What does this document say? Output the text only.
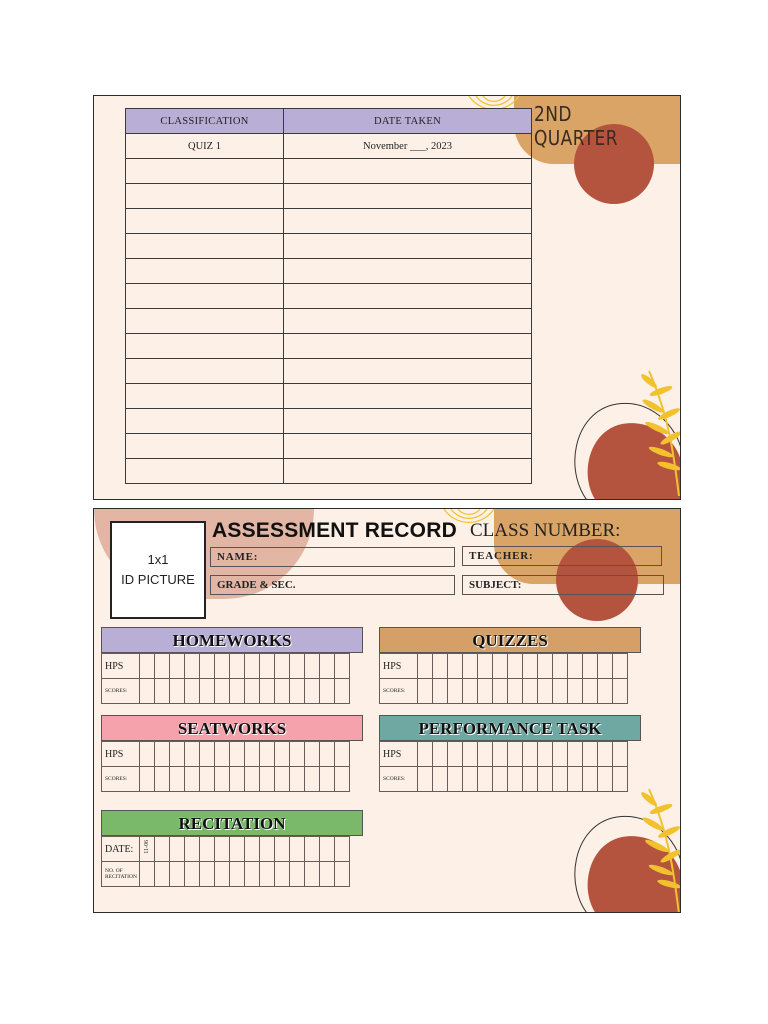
2ND QUARTER
CLASSIFICATION	DATE TAKEN
QUIZ 1	November ___, 2023

1x1
ID PICTURE
ASSESSMENT RECORD CLASS NUMBER:
NAME:	TEACHER:
GRADE & SEC.	SUBJECT:
HOMEWORKS
HPS														
SCORES:														
QUIZZES
HPS														
SCORES:														
SEATWORKS
HPS														
SCORES:														
PERFORMANCE TASK
HPS														
SCORES:														
RECITATION
DATE:	11-06													
NO. OF RECITATION														
